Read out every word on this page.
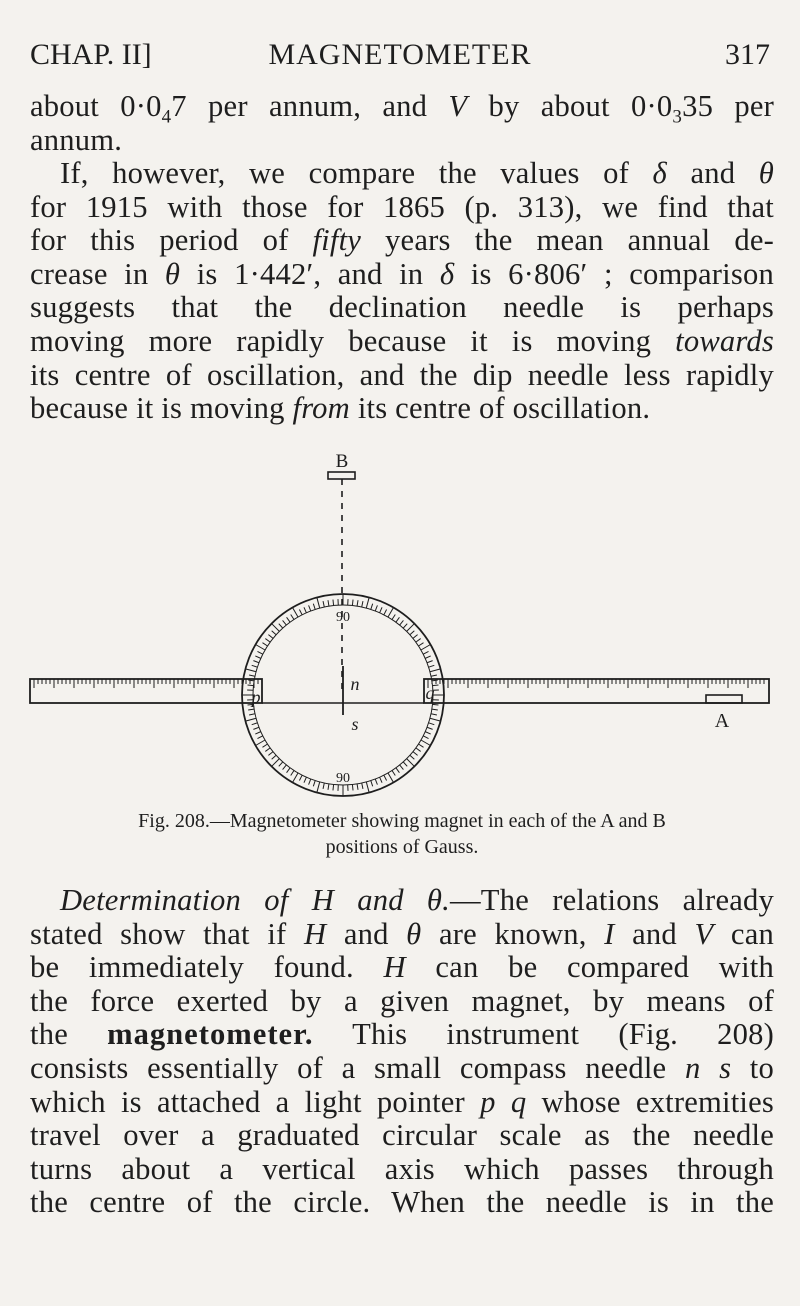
CHAP. II]	MAGNETOMETER	317
about $0\cdot 0_47$ per annum, and V by about $0\cdot 0_335$ per
annum.
If, however, we compare the values of δ and θ
for 1915 with those for 1865 (p. 313), we find that
for this period of fifty years the mean annual de-
crease in θ is 1·442′, and in δ is 6·806′ ; comparison
suggests that the declination needle is perhaps
moving more rapidly because it is moving towards
its centre of oscillation, and the dip needle less rapidly
because it is moving from its centre of oscillation.
B
A
90
90
n
s
p	q
Fig. 208.—Magnetometer showing magnet in each of the A and B
positions of Gauss.
Determination of H and θ.—The relations already
stated show that if H and θ are known, I and V can
be immediately found. H can be compared with
the force exerted by a given magnet, by means of
the magnetometer. This instrument (Fig. 208)
consists essentially of a small compass needle n s to
which is attached a light pointer p q whose extremities
travel over a graduated circular scale as the needle
turns about a vertical axis which passes through
the centre of the circle. When the needle is in the
